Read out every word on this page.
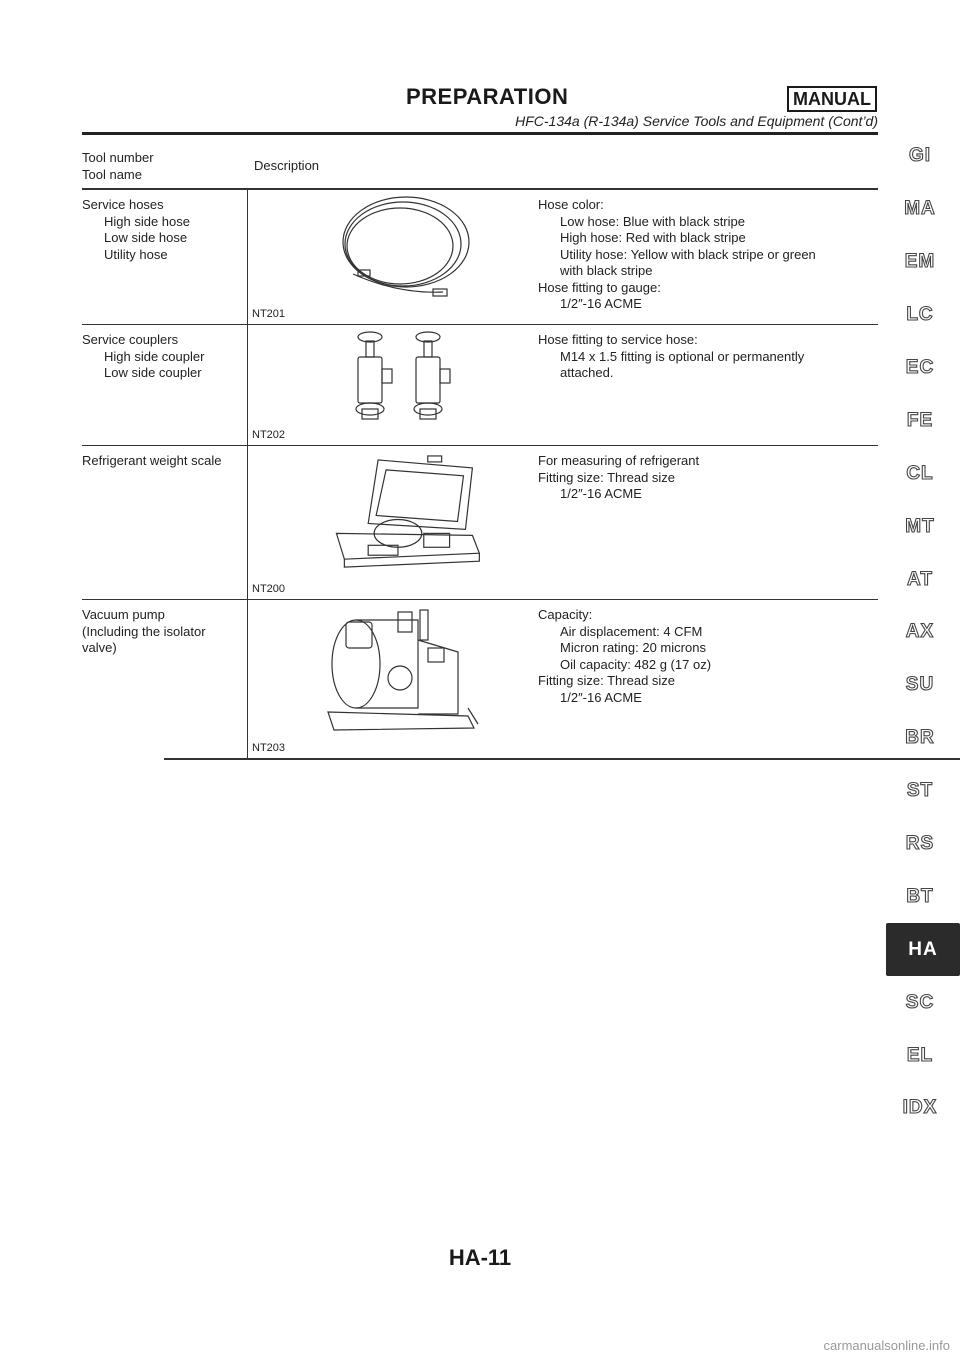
PREPARATION	MANUAL
HFC-134a (R-134a) Service Tools and Equipment (Cont’d)
Tool number
Tool name
Description
Service hoses
High side hose
Low side hose
Utility hose
NT201
Hose color:
Low hose: Blue with black stripe
High hose: Red with black stripe
Utility hose: Yellow with black stripe or green
with black stripe
Hose fitting to gauge:
1/2″-16 ACME
Service couplers
High side coupler
Low side coupler
NT202
Hose fitting to service hose:
M14 x 1.5 fitting is optional or permanently
attached.
Refrigerant weight scale
NT200
For measuring of refrigerant
Fitting size: Thread size
1/2″-16 ACME
Vacuum pump
(Including the isolator
valve)
NT203
Capacity:
Air displacement: 4 CFM
Micron rating: 20 microns
Oil capacity: 482 g (17 oz)
Fitting size: Thread size
1/2″-16 ACME
GI
MA
EM
LC
EC
FE
CL
MT
AT
AX
SU
BR
ST
RS
BT
HA
SC
EL
IDX
HA-11
carmanualsonline.info
